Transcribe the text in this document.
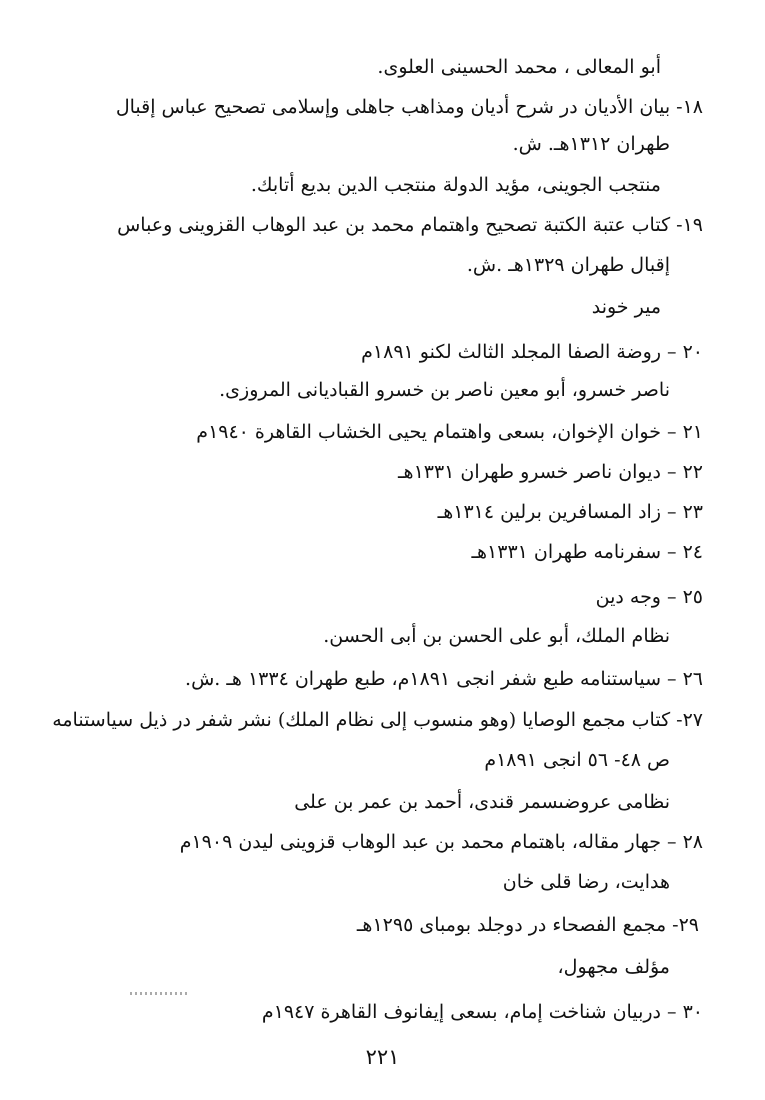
أبو المعالى ، محمد الحسينى العلوى.
١٨- بيان الأديان در شرح أديان ومذاهب جاهلى وإسلامى تصحيح عباس إقبال
طهران ١٣١٢هـ. ش.
منتجب الجوينى، مؤيد الدولة منتجب الدين بديع أتابك.
١٩- كتاب عتبة الكتبة تصحيح واهتمام محمد بن عبد الوهاب القزوينى وعباس
إقبال طهران ١٣٢٩هـ .ش.
مير خوند
٢٠ – روضة الصفا المجلد الثالث لكنو ١٨٩١م
ناصر خسرو، أبو معين ناصر بن خسرو القباديانى المروزى.
٢١ – خوان الإخوان، بسعى واهتمام يحيى الخشاب القاهرة ١٩٤٠م
٢٢ – ديوان ناصر خسرو طهران ١٣٣١هـ
٢٣ – زاد المسافرين برلين ١٣١٤هـ
٢٤ – سفرنامه طهران ١٣٣١هـ
٢٥ – وجه دين
نظام الملك، أبو على الحسن بن أبى الحسن.
٢٦ – سياستنامه طبع شفر انجى ١٨٩١م، طبع طهران ١٣٣٤ هـ .ش.
٢٧- كتاب مجمع الوصايا (وهو منسوب إلى نظام الملك) نشر شفر در ذيل سياستنامه
ص ٤٨- ٥٦ انجى ١٨٩١م
نظامى عروضىسمر قندى، أحمد بن عمر بن على
٢٨ – جهار مقاله، باهتمام محمد بن عبد الوهاب قزوينى ليدن ١٩٠٩م
هدايت، رضا قلى خان
٢٩- مجمع الفصحاء در دوجلد بومباى ١٢٩٥هـ
مؤلف مجهول،
٣٠ – دربيان شناخت إمام، بسعى إيفانوف القاهرة ١٩٤٧م
٢٢١
